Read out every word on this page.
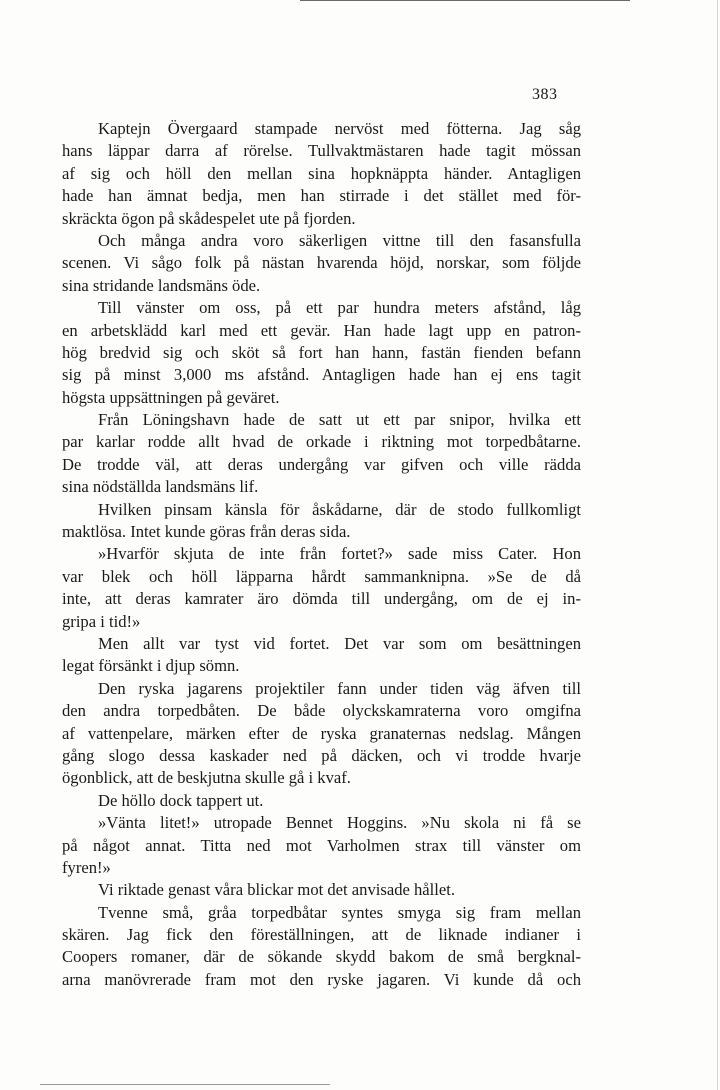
383
Kaptejn Övergaard stampade nervöst med fötterna. Jag såg
hans läppar darra af rörelse. Tullvaktmästaren hade tagit mössan
af sig och höll den mellan sina hopknäppta händer. Antagligen
hade han ämnat bedja, men han stirrade i det stället med för-
skräckta ögon på skådespelet ute på fjorden.
Och många andra voro säkerligen vittne till den fasansfulla
scenen. Vi sågo folk på nästan hvarenda höjd, norskar, som följde
sina stridande landsmäns öde.
Till vänster om oss, på ett par hundra meters afstånd, låg
en arbetsklädd karl med ett gevär. Han hade lagt upp en patron-
hög bredvid sig och sköt så fort han hann, fastän fienden befann
sig på minst 3,000 ms afstånd. Antagligen hade han ej ens tagit
högsta uppsättningen på geväret.
Från Löningshavn hade de satt ut ett par snipor, hvilka ett
par karlar rodde allt hvad de orkade i riktning mot torpedbåtarne.
De trodde väl, att deras undergång var gifven och ville rädda
sina nödställda landsmäns lif.
Hvilken pinsam känsla för åskådarne, där de stodo fullkomligt
maktlösa. Intet kunde göras från deras sida.
»Hvarför skjuta de inte från fortet?» sade miss Cater. Hon
var blek och höll läpparna hårdt sammanknipna. »Se de då
inte, att deras kamrater äro dömda till undergång, om de ej in-
gripa i tid!»
Men allt var tyst vid fortet. Det var som om besättningen
legat försänkt i djup sömn.
Den ryska jagarens projektiler fann under tiden väg äfven till
den andra torpedbåten. De både olyckskamraterna voro omgifna
af vattenpelare, märken efter de ryska granaternas nedslag. Mången
gång slogo dessa kaskader ned på däcken, och vi trodde hvarje
ögonblick, att de beskjutna skulle gå i kvaf.
De höllo dock tappert ut.
»Vänta litet!» utropade Bennet Hoggins. »Nu skola ni få se
på något annat. Titta ned mot Varholmen strax till vänster om
fyren!»
Vi riktade genast våra blickar mot det anvisade hållet.
Tvenne små, gråa torpedbåtar syntes smyga sig fram mellan
skären. Jag fick den föreställningen, att de liknade indianer i
Coopers romaner, där de sökande skydd bakom de små bergknal-
arna manövrerade fram mot den ryske jagaren. Vi kunde då och
